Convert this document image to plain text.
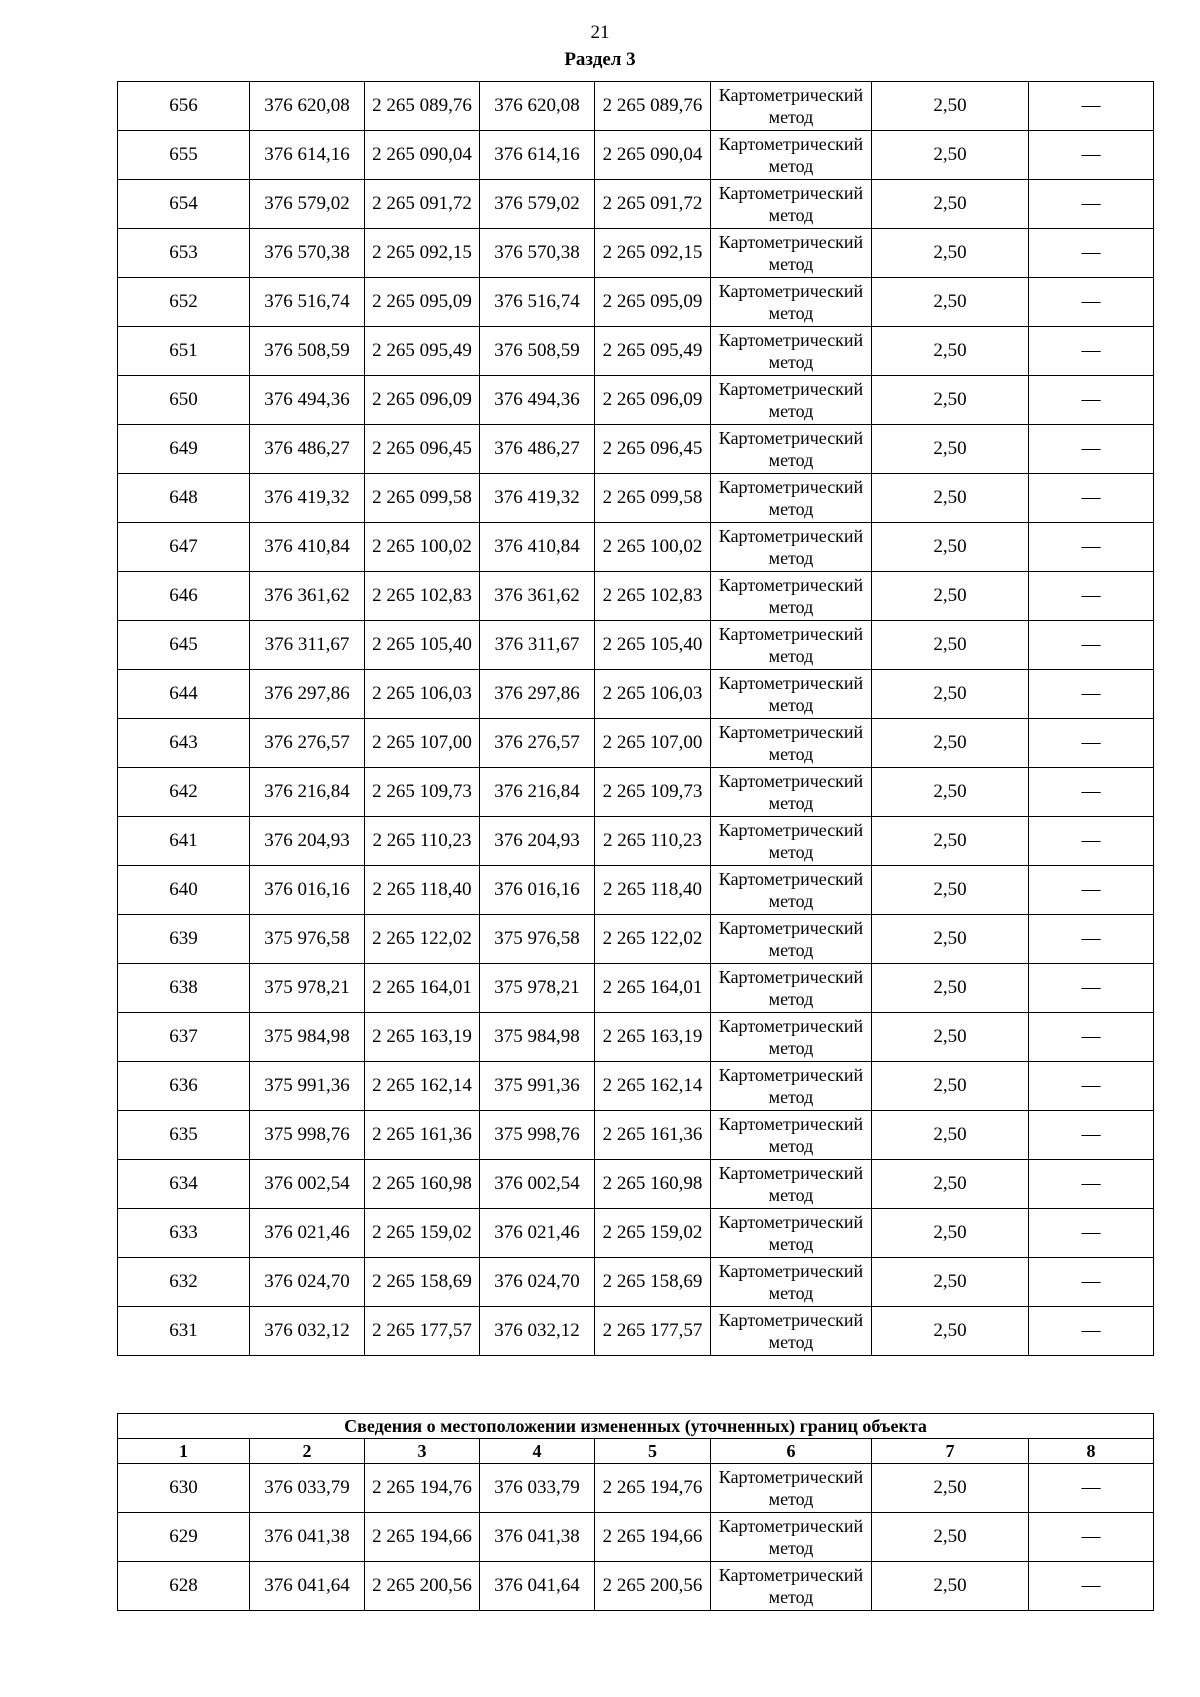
21
Раздел 3
656	376 620,08	2 265 089,76	376 620,08	2 265 089,76	Картометрический метод	2,50	—
655	376 614,16	2 265 090,04	376 614,16	2 265 090,04	Картометрический метод	2,50	—
654	376 579,02	2 265 091,72	376 579,02	2 265 091,72	Картометрический метод	2,50	—
653	376 570,38	2 265 092,15	376 570,38	2 265 092,15	Картометрический метод	2,50	—
652	376 516,74	2 265 095,09	376 516,74	2 265 095,09	Картометрический метод	2,50	—
651	376 508,59	2 265 095,49	376 508,59	2 265 095,49	Картометрический метод	2,50	—
650	376 494,36	2 265 096,09	376 494,36	2 265 096,09	Картометрический метод	2,50	—
649	376 486,27	2 265 096,45	376 486,27	2 265 096,45	Картометрический метод	2,50	—
648	376 419,32	2 265 099,58	376 419,32	2 265 099,58	Картометрический метод	2,50	—
647	376 410,84	2 265 100,02	376 410,84	2 265 100,02	Картометрический метод	2,50	—
646	376 361,62	2 265 102,83	376 361,62	2 265 102,83	Картометрический метод	2,50	—
645	376 311,67	2 265 105,40	376 311,67	2 265 105,40	Картометрический метод	2,50	—
644	376 297,86	2 265 106,03	376 297,86	2 265 106,03	Картометрический метод	2,50	—
643	376 276,57	2 265 107,00	376 276,57	2 265 107,00	Картометрический метод	2,50	—
642	376 216,84	2 265 109,73	376 216,84	2 265 109,73	Картометрический метод	2,50	—
641	376 204,93	2 265 110,23	376 204,93	2 265 110,23	Картометрический метод	2,50	—
640	376 016,16	2 265 118,40	376 016,16	2 265 118,40	Картометрический метод	2,50	—
639	375 976,58	2 265 122,02	375 976,58	2 265 122,02	Картометрический метод	2,50	—
638	375 978,21	2 265 164,01	375 978,21	2 265 164,01	Картометрический метод	2,50	—
637	375 984,98	2 265 163,19	375 984,98	2 265 163,19	Картометрический метод	2,50	—
636	375 991,36	2 265 162,14	375 991,36	2 265 162,14	Картометрический метод	2,50	—
635	375 998,76	2 265 161,36	375 998,76	2 265 161,36	Картометрический метод	2,50	—
634	376 002,54	2 265 160,98	376 002,54	2 265 160,98	Картометрический метод	2,50	—
633	376 021,46	2 265 159,02	376 021,46	2 265 159,02	Картометрический метод	2,50	—
632	376 024,70	2 265 158,69	376 024,70	2 265 158,69	Картометрический метод	2,50	—
631	376 032,12	2 265 177,57	376 032,12	2 265 177,57	Картометрический метод	2,50	—
Сведения о местоположении измененных (уточненных) границ объекта							
1	2	3	4	5	6	7	8
630	376 033,79	2 265 194,76	376 033,79	2 265 194,76	Картометрический метод	2,50	—
629	376 041,38	2 265 194,66	376 041,38	2 265 194,66	Картометрический метод	2,50	—
628	376 041,64	2 265 200,56	376 041,64	2 265 200,56	Картометрический метод	2,50	—
